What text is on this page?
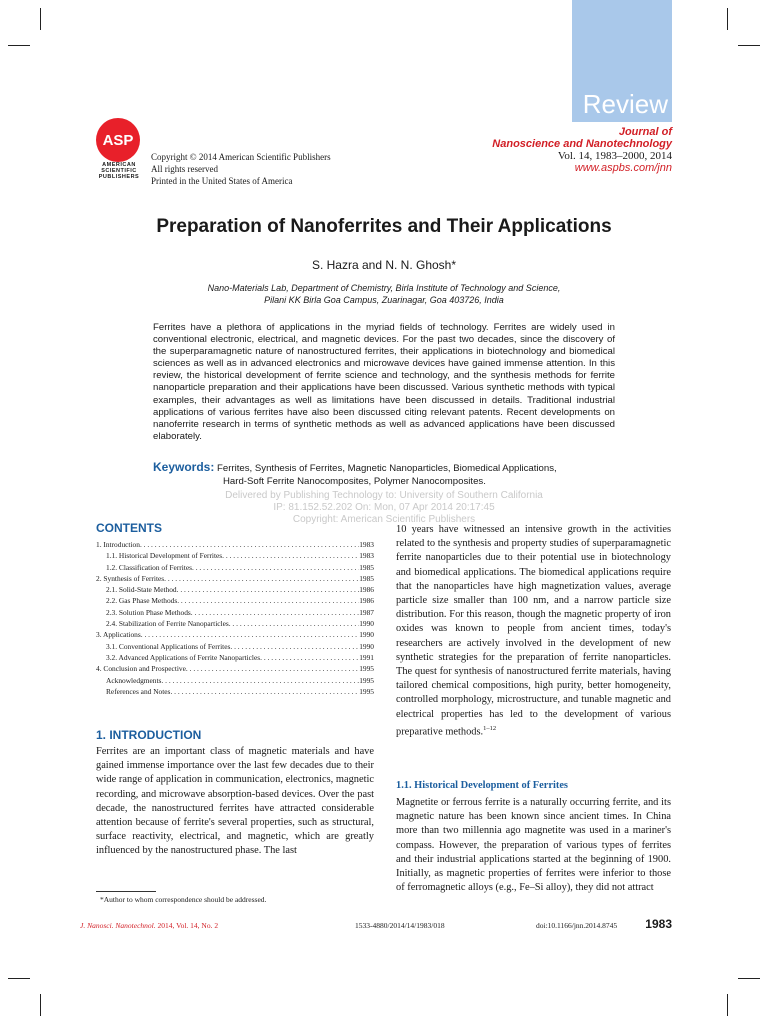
Review
ASP
AMERICAN
SCIENTIFIC
PUBLISHERS
Copyright © 2014 American Scientific Publishers
All rights reserved
Printed in the United States of America
Journal of
Nanoscience and Nanotechnology
Vol. 14, 1983–2000, 2014
www.aspbs.com/jnn
Preparation of Nanoferrites and Their Applications
S. Hazra and N. N. Ghosh*
Nano-Materials Lab, Department of Chemistry, Birla Institute of Technology and Science,
Pilani KK Birla Goa Campus, Zuarinagar, Goa 403726, India
Ferrites have a plethora of applications in the myriad fields of technology. Ferrites are widely used in conventional electronic, electrical, and magnetic devices. For the past two decades, since the discovery of the superparamagnetic nature of nanostructured ferrites, their applications in biotechnology and biomedical sciences as well as in advanced electronics and microwave devices have gained immense attention. In this review, the historical development of ferrite science and technology, and the synthesis methods for ferrite nanoparticle preparation and their applications have been discussed. Various synthetic methods with typical examples, their advantages as well as limitations have been discussed in details. Traditional industrial applications of various ferrites have also been discussed citing relevant patents. Recent developments on nanoferrite research in terms of synthetic methods as well as advanced applications have been discussed elaborately.
Keywords: Ferrites, Synthesis of Ferrites, Magnetic Nanoparticles, Biomedical Applications,
Hard-Soft Ferrite Nanocomposites, Polymer Nanocomposites.
Delivered by Publishing Technology to: University of Southern California
IP: 81.152.52.202 On: Mon, 07 Apr 2014 20:17:45
Copyright: American Scientific Publishers
CONTENTS
1. Introduction . . .	1983
1.1. Historical Development of Ferrites . . .	1983
1.2. Classification of Ferrites . . .	1985
2. Synthesis of Ferrites . . .	1985
2.1. Solid-State Method . . .	1986
2.2. Gas Phase Methods . . .	1986
2.3. Solution Phase Methods . . .	1987
2.4. Stabilization of Ferrite Nanoparticles . . .	1990
3. Applications . . .	1990
3.1. Conventional Applications of Ferrites . . .	1990
3.2. Advanced Applications of Ferrite Nanoparticles . . .	1991
4. Conclusion and Prospective . . .	1995
Acknowledgments . . .	1995
References and Notes . . .	1995
1. INTRODUCTION
Ferrites are an important class of magnetic materials and have gained immense importance over the last few decades due to their wide range of application in communication, electronics, magnetic recording, and microwave absorption-based devices. Over the past decade, the nanostructured ferrites have attracted considerable attention because of ferrite's several properties, such as structural, surface reactivity, electrical, and magnetic, which are greatly influenced by the nanostructured phase. The last
10 years have witnessed an intensive growth in the activities related to the synthesis and property studies of superparamagnetic ferrite nanoparticles due to their potential use in biotechnology and biomedical applications. The biomedical applications require that the nanoparticles have high magnetization values, average particle size smaller than 100 nm, and a narrow particle size distribution. For this reason, though the magnetic property of iron oxides was known to people from ancient times, today's researchers are actively involved in the development of new synthetic strategies for the preparation of ferrite nanoparticles. The quest for synthesis of nanostructured ferrite materials, having tailored chemical compositions, high purity, better homogeneity, controlled morphology, microstructure, and tunable magnetic and electrical properties has led to the development of various preparative methods.$^{1-12}$
1.1. Historical Development of Ferrites
Magnetite or ferrous ferrite is a naturally occurring ferrite, and its magnetic nature has been known since ancient times. In China more than two millennia ago magnetite was used in a mariner's compass. However, the preparation of various types of ferrites and their industrial applications started at the beginning of 1900. Initially, as magnetic properties of ferrites were inferior to those of ferromagnetic alloys (e.g., Fe–Si alloy), they did not attract
*Author to whom correspondence should be addressed.
J. Nanosci. Nanotechnol. 2014, Vol. 14, No. 2	1533-4880/2014/14/1983/018	doi:10.1166/jnn.2014.8745 1983
